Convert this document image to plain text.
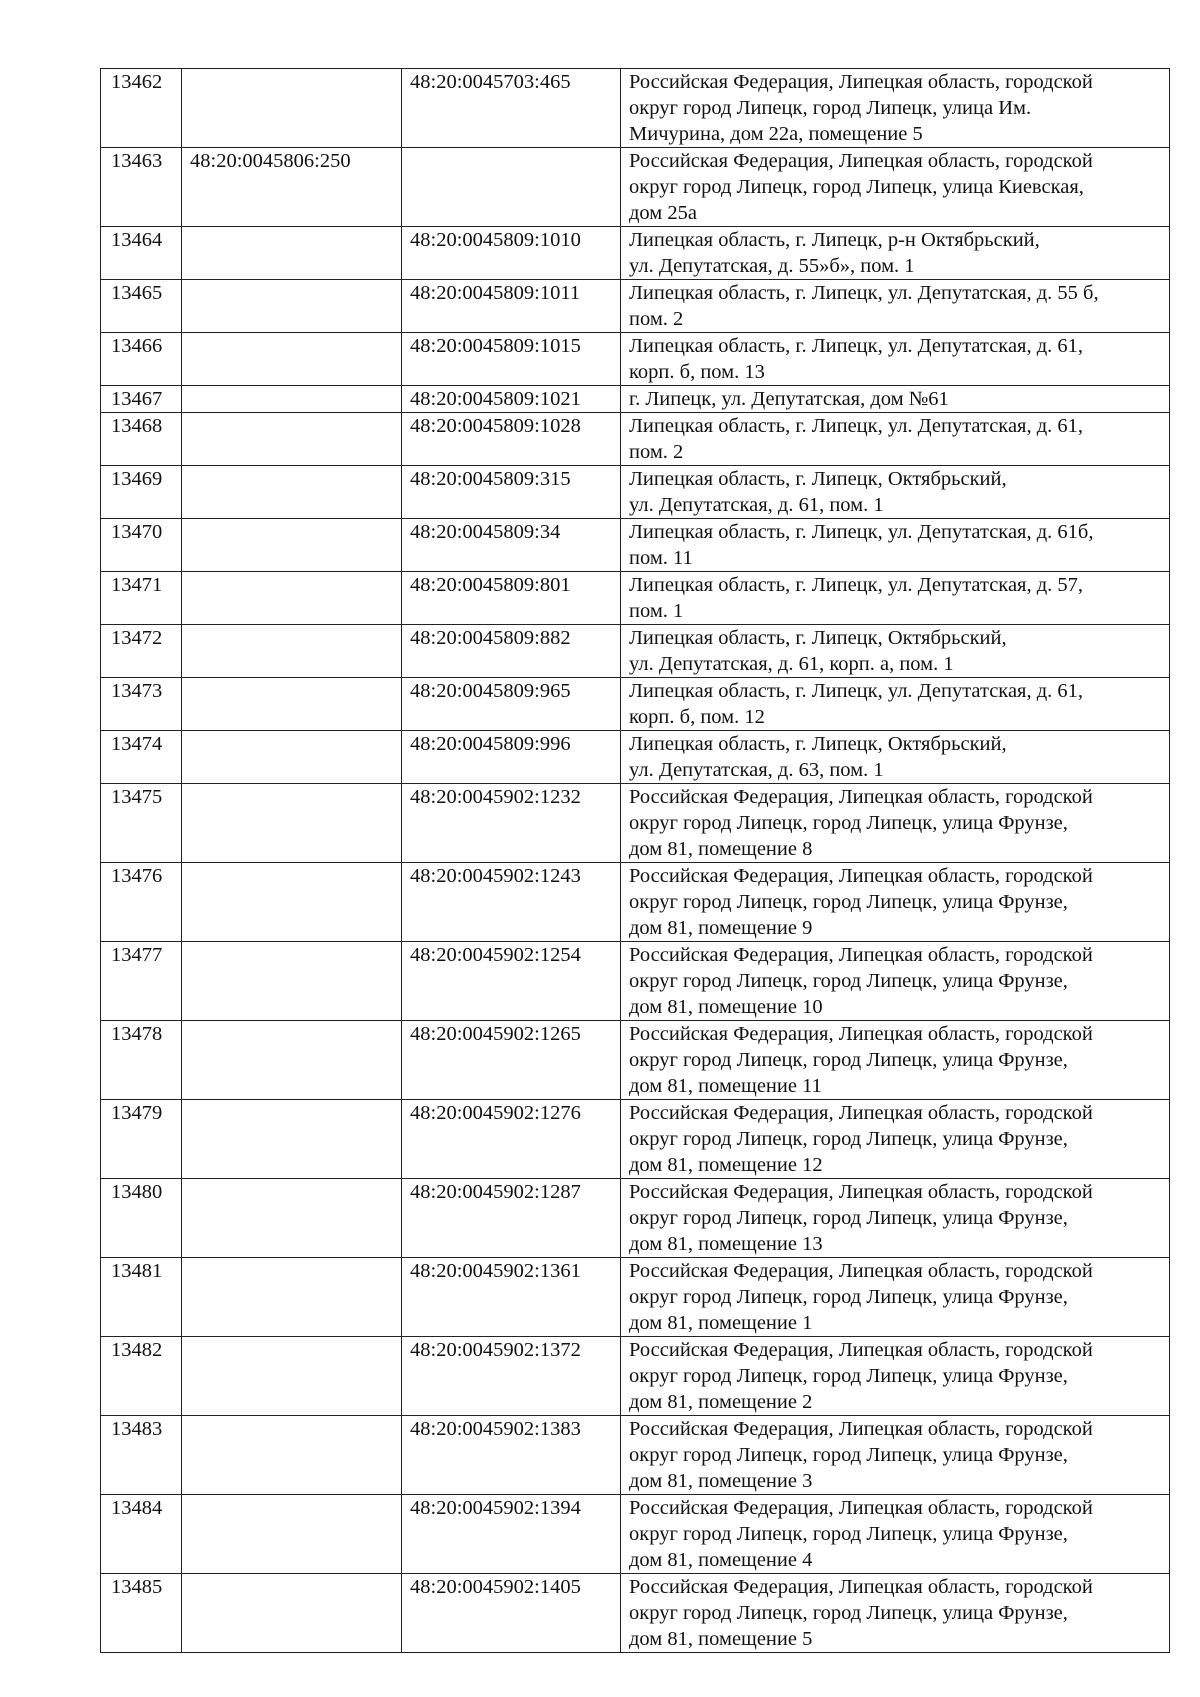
13462		48:20:0045703:465	Российская Федерация, Липецкая область, городской
округ город Липецк, город Липецк, улица Им.
Мичурина, дом 22а, помещение 5

13463	48:20:0045806:250		Российская Федерация, Липецкая область, городской
округ город Липецк, город Липецк, улица Киевская,
дом 25а

13464		48:20:0045809:1010	Липецкая область, г. Липецк, р-н Октябрьский,
ул. Депутатская, д. 55»б», пом. 1

13465		48:20:0045809:1011	Липецкая область, г. Липецк, ул. Депутатская, д. 55 б,
пом. 2

13466		48:20:0045809:1015	Липецкая область, г. Липецк, ул. Депутатская, д. 61,
корп. б, пом. 13

13467		48:20:0045809:1021	г. Липецк, ул. Депутатская, дом №61

13468		48:20:0045809:1028	Липецкая область, г. Липецк, ул. Депутатская, д. 61,
пом. 2

13469		48:20:0045809:315	Липецкая область, г. Липецк, Октябрьский,
ул. Депутатская, д. 61, пом. 1

13470		48:20:0045809:34	Липецкая область, г. Липецк, ул. Депутатская, д. 61б,
пом. 11

13471		48:20:0045809:801	Липецкая область, г. Липецк, ул. Депутатская, д. 57,
пом. 1

13472		48:20:0045809:882	Липецкая область, г. Липецк, Октябрьский,
ул. Депутатская, д. 61, корп. а, пом. 1

13473		48:20:0045809:965	Липецкая область, г. Липецк, ул. Депутатская, д. 61,
корп. б, пом. 12

13474		48:20:0045809:996	Липецкая область, г. Липецк, Октябрьский,
ул. Депутатская, д. 63, пом. 1

13475		48:20:0045902:1232	Российская Федерация, Липецкая область, городской
округ город Липецк, город Липецк, улица Фрунзе,
дом 81, помещение 8

13476		48:20:0045902:1243	Российская Федерация, Липецкая область, городской
округ город Липецк, город Липецк, улица Фрунзе,
дом 81, помещение 9

13477		48:20:0045902:1254	Российская Федерация, Липецкая область, городской
округ город Липецк, город Липецк, улица Фрунзе,
дом 81, помещение 10

13478		48:20:0045902:1265	Российская Федерация, Липецкая область, городской
округ город Липецк, город Липецк, улица Фрунзе,
дом 81, помещение 11

13479		48:20:0045902:1276	Российская Федерация, Липецкая область, городской
округ город Липецк, город Липецк, улица Фрунзе,
дом 81, помещение 12

13480		48:20:0045902:1287	Российская Федерация, Липецкая область, городской
округ город Липецк, город Липецк, улица Фрунзе,
дом 81, помещение 13

13481		48:20:0045902:1361	Российская Федерация, Липецкая область, городской
округ город Липецк, город Липецк, улица Фрунзе,
дом 81, помещение 1

13482		48:20:0045902:1372	Российская Федерация, Липецкая область, городской
округ город Липецк, город Липецк, улица Фрунзе,
дом 81, помещение 2

13483		48:20:0045902:1383	Российская Федерация, Липецкая область, городской
округ город Липецк, город Липецк, улица Фрунзе,
дом 81, помещение 3

13484		48:20:0045902:1394	Российская Федерация, Липецкая область, городской
округ город Липецк, город Липецк, улица Фрунзе,
дом 81, помещение 4

13485		48:20:0045902:1405	Российская Федерация, Липецкая область, городской
округ город Липецк, город Липецк, улица Фрунзе,
дом 81, помещение 5
